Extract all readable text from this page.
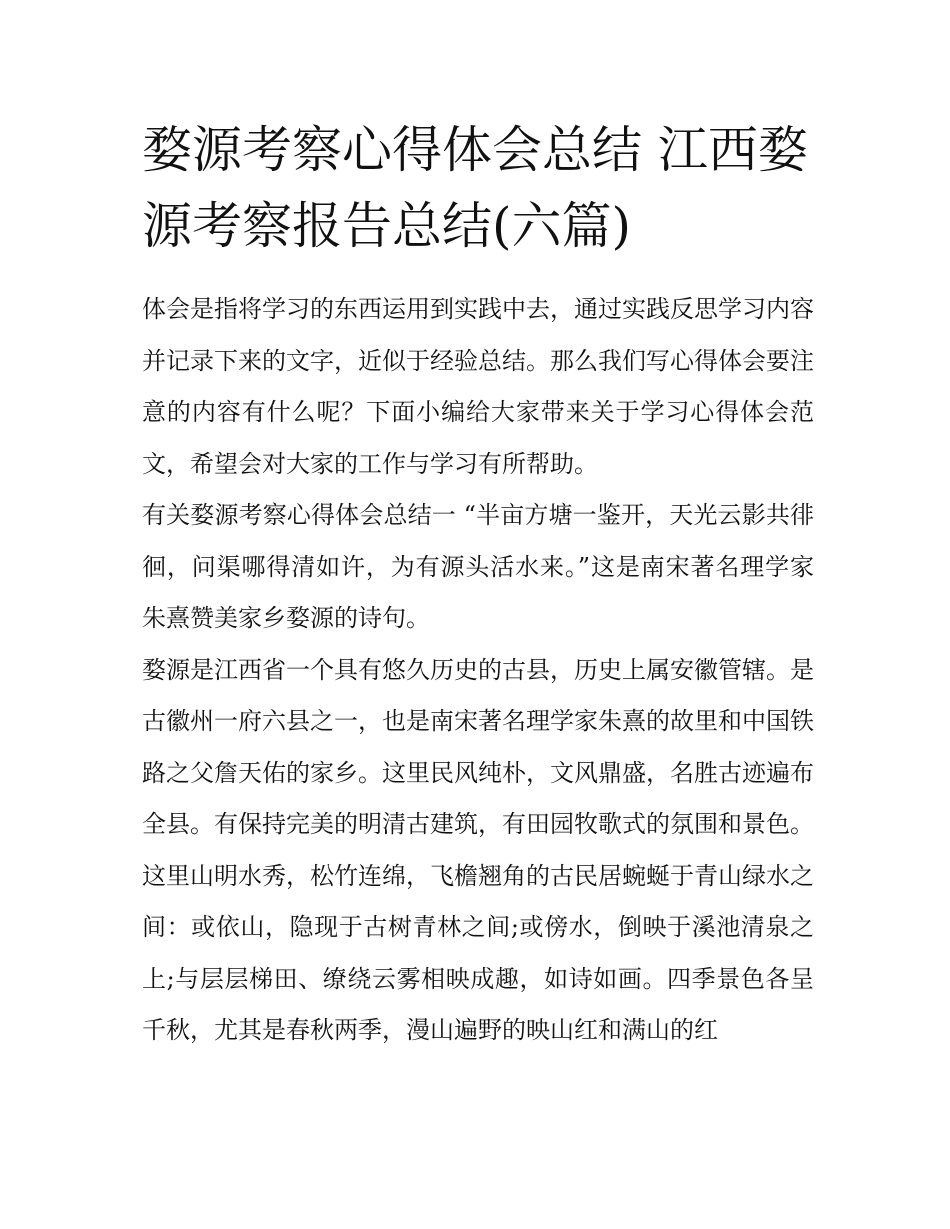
婺源考察心得体会总结 江西婺源考察报告总结(六篇)

体会是指将学习的东西运用到实践中去，通过实践反思学习内容并记录下来的文字，近似于经验总结。那么我们写心得体会要注意的内容有什么呢？下面小编给大家带来关于学习心得体会范文，希望会对大家的工作与学习有所帮助。

有关婺源考察心得体会总结一 “半亩方塘一鉴开，天光云影共徘徊，问渠哪得清如许，为有源头活水来。”这是南宋著名理学家朱熹赞美家乡婺源的诗句。

婺源是江西省一个具有悠久历史的古县，历史上属安徽管辖。是古徽州一府六县之一，也是南宋著名理学家朱熹的故里和中国铁路之父詹天佑的家乡。这里民风纯朴，文风鼎盛，名胜古迹遍布全县。有保持完美的明清古建筑，有田园牧歌式的氛围和景色。

这里山明水秀，松竹连绵，飞檐翘角的古民居蜿蜒于青山绿水之间：或依山，隐现于古树青林之间;或傍水，倒映于溪池清泉之上;与层层梯田、缭绕云雾相映成趣，如诗如画。四季景色各呈千秋，尤其是春秋两季，漫山遍野的映山红和满山的红
